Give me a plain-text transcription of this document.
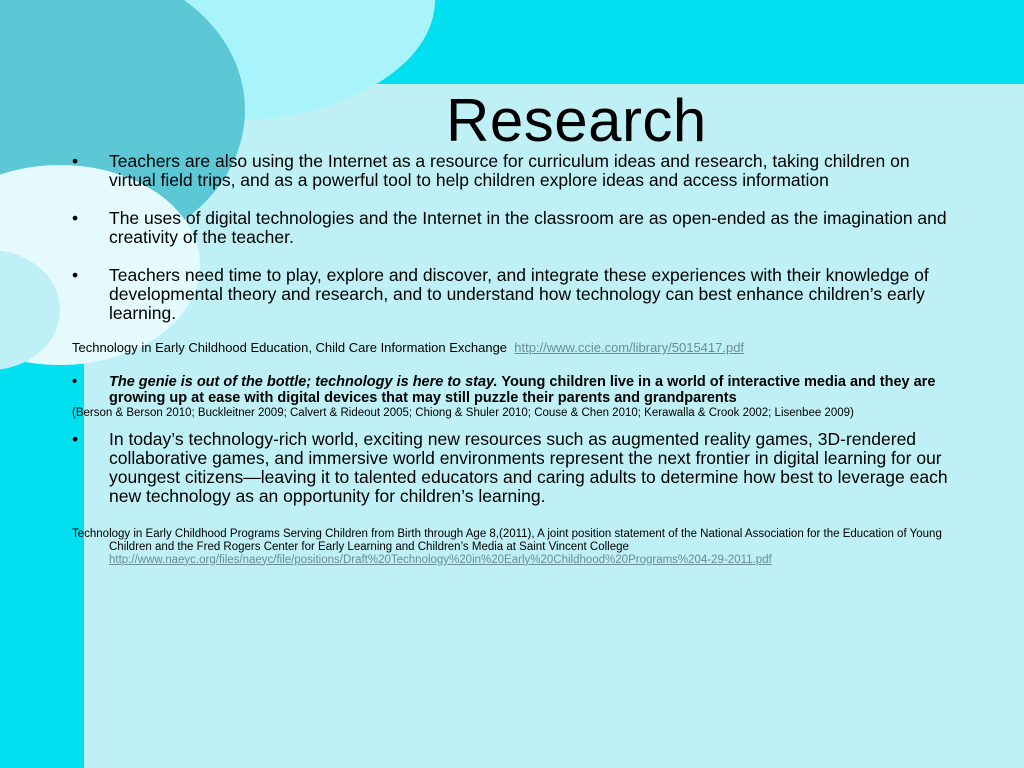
Research
• Teachers are also using the Internet as a resource for curriculum ideas and research, taking children on virtual field trips, and as a powerful tool to help children explore ideas and access information
• The uses of digital technologies and the Internet in the classroom are as open-ended as the imagination and creativity of the teacher.
• Teachers need time to play, explore and discover, and integrate these experiences with their knowledge of developmental theory and research, and to understand how technology can best enhance children’s early learning.
Technology in Early Childhood Education, Child Care Information Exchange http://www.ccie.com/library/5015417.pdf
• The genie is out of the bottle; technology is here to stay. Young children live in a world of interactive media and they are growing up at ease with digital devices that may still puzzle their parents and grandparents
(Berson & Berson 2010; Buckleitner 2009; Calvert & Rideout 2005; Chiong & Shuler 2010; Couse & Chen 2010; Kerawalla & Crook 2002; Lisenbee 2009)
• In today’s technology-rich world, exciting new resources such as augmented reality games, 3D-rendered collaborative games, and immersive world environments represent the next frontier in digital learning for our youngest citizens—leaving it to talented educators and caring adults to determine how best to leverage each new technology as an opportunity for children’s learning.
Technology in Early Childhood Programs Serving Children from Birth through Age 8,(2011), A joint position statement of the National Association for the Education of Young Children and the Fred Rogers Center for Early Learning and Children’s Media at Saint Vincent College
http://www.naeyc.org/files/naeyc/file/positions/Draft%20Technology%20in%20Early%20Childhood%20Programs%204-29-2011.pdf
